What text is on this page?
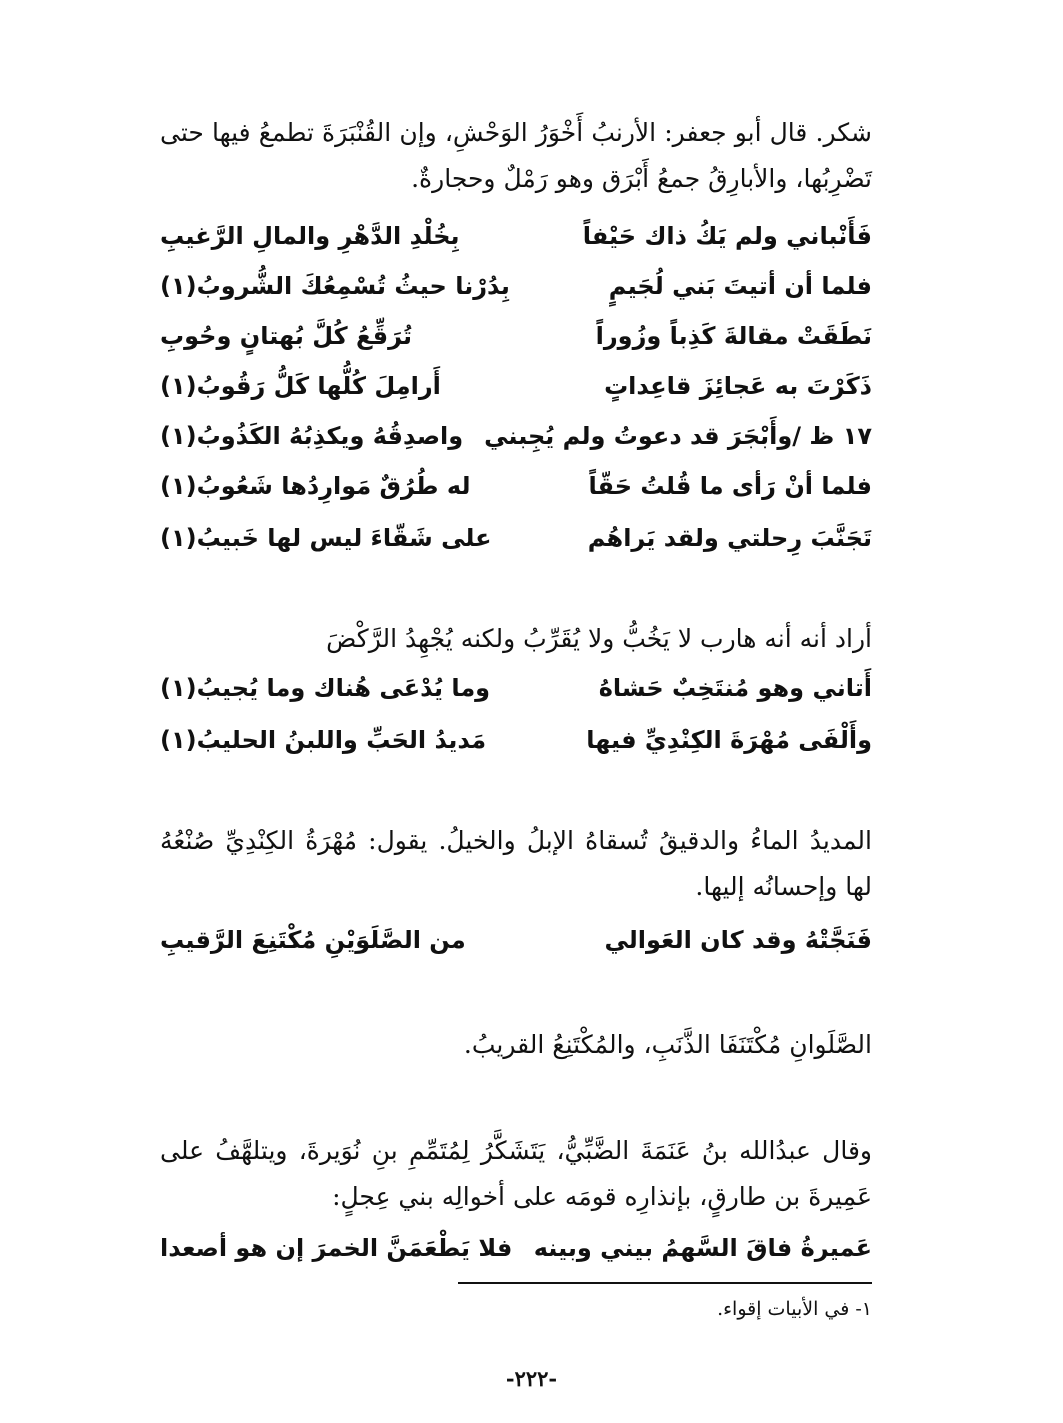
شكر. قال أبو جعفر: الأرنبُ أَخْوَرُ الوَحْشِ، وإن القُنْبَرَةَ تطمعُ فيها حتى تَضْرِبُها، والأبارِقُ جمعُ أَبْرَق وهو رَمْلٌ وحجارةٌ.
فَأَنْباني ولم يَكُ ذاك حَيْفاً
بِخُلْدِ الدَّهْرِ والمالِ الرَّغيبِ
فلما أن أتيتَ بَني لُجَيمٍ
بِدُرْنا حيثُ تُسْمِعُكَ الشُّروبُ(١)
نَطَقَتْ مقالةَ كَذِباً وزُوراً
تُرَقِّعُ كُلَّ بُهتانٍ وحُوبِ
ذَكَرْتَ به عَجائِزَ قاعِداتٍ
أَرامِلَ كُلُّها كَلُّ رَقُوبُ(١)
١٧ ظ /وأَبْجَرَ قد دعوتُ ولم يُجِبني
واصدِقُهُ ويكذِبُهُ الكَذُوبُ(١)
فلما أنْ رَأى ما قُلتُ حَقّاً
له طُرُقٌ مَوارِدُها شَعُوبُ(١)
تَجَنَّبَ رِحلتي ولقد يَراهُم
على شَقّاءَ ليس لها خَبيبُ(١)
أراد أنه أنه هارب لا يَخُبُّ ولا يُقَرِّبُ ولكنه يُجْهِدُ الرَّكْضَ
أَتاني وهو مُنتَخِبٌ حَشاهُ
وما يُدْعَى هُناك وما يُجيبُ(١)
وأَلْفَى مُهْرَةَ الكِنْدِيِّ فيها
مَديدُ الحَبِّ واللبنُ الحليبُ(١)
المديدُ الماءُ والدقيقُ تُسقاهُ الإبلُ والخيلُ. يقول: مُهْرَةُ الكِنْدِيِّ صُنْعُهُ لها وإحسانُه إليها.
فَنَجَّتْهُ وقد كان العَوالي
من الصَّلَوَيْنِ مُكْتَنِعَ الرَّقيبِ
الصَّلَوانِ مُكْتَنَفَا الذَّنَبِ، والمُكْتَنِعُ القريبُ.
وقال عبدُالله بنُ عَنَمَةَ الضَّبِّيُّ، يَتَشَكَّرُ لِمُتَمِّمِ بنِ نُوَيرةَ، ويتلهَّفُ على عَمِيرةَ بن طارقٍ، بإنذارِه قومَه على أخوالِه بني عِجلٍ:
عَميرةُ فاقَ السَّهمُ بيني وبينه
فلا يَطْعَمَنَّ الخمرَ إن هو أصعدا
١- في الأبيات إقواء.
-٢٢٢-
